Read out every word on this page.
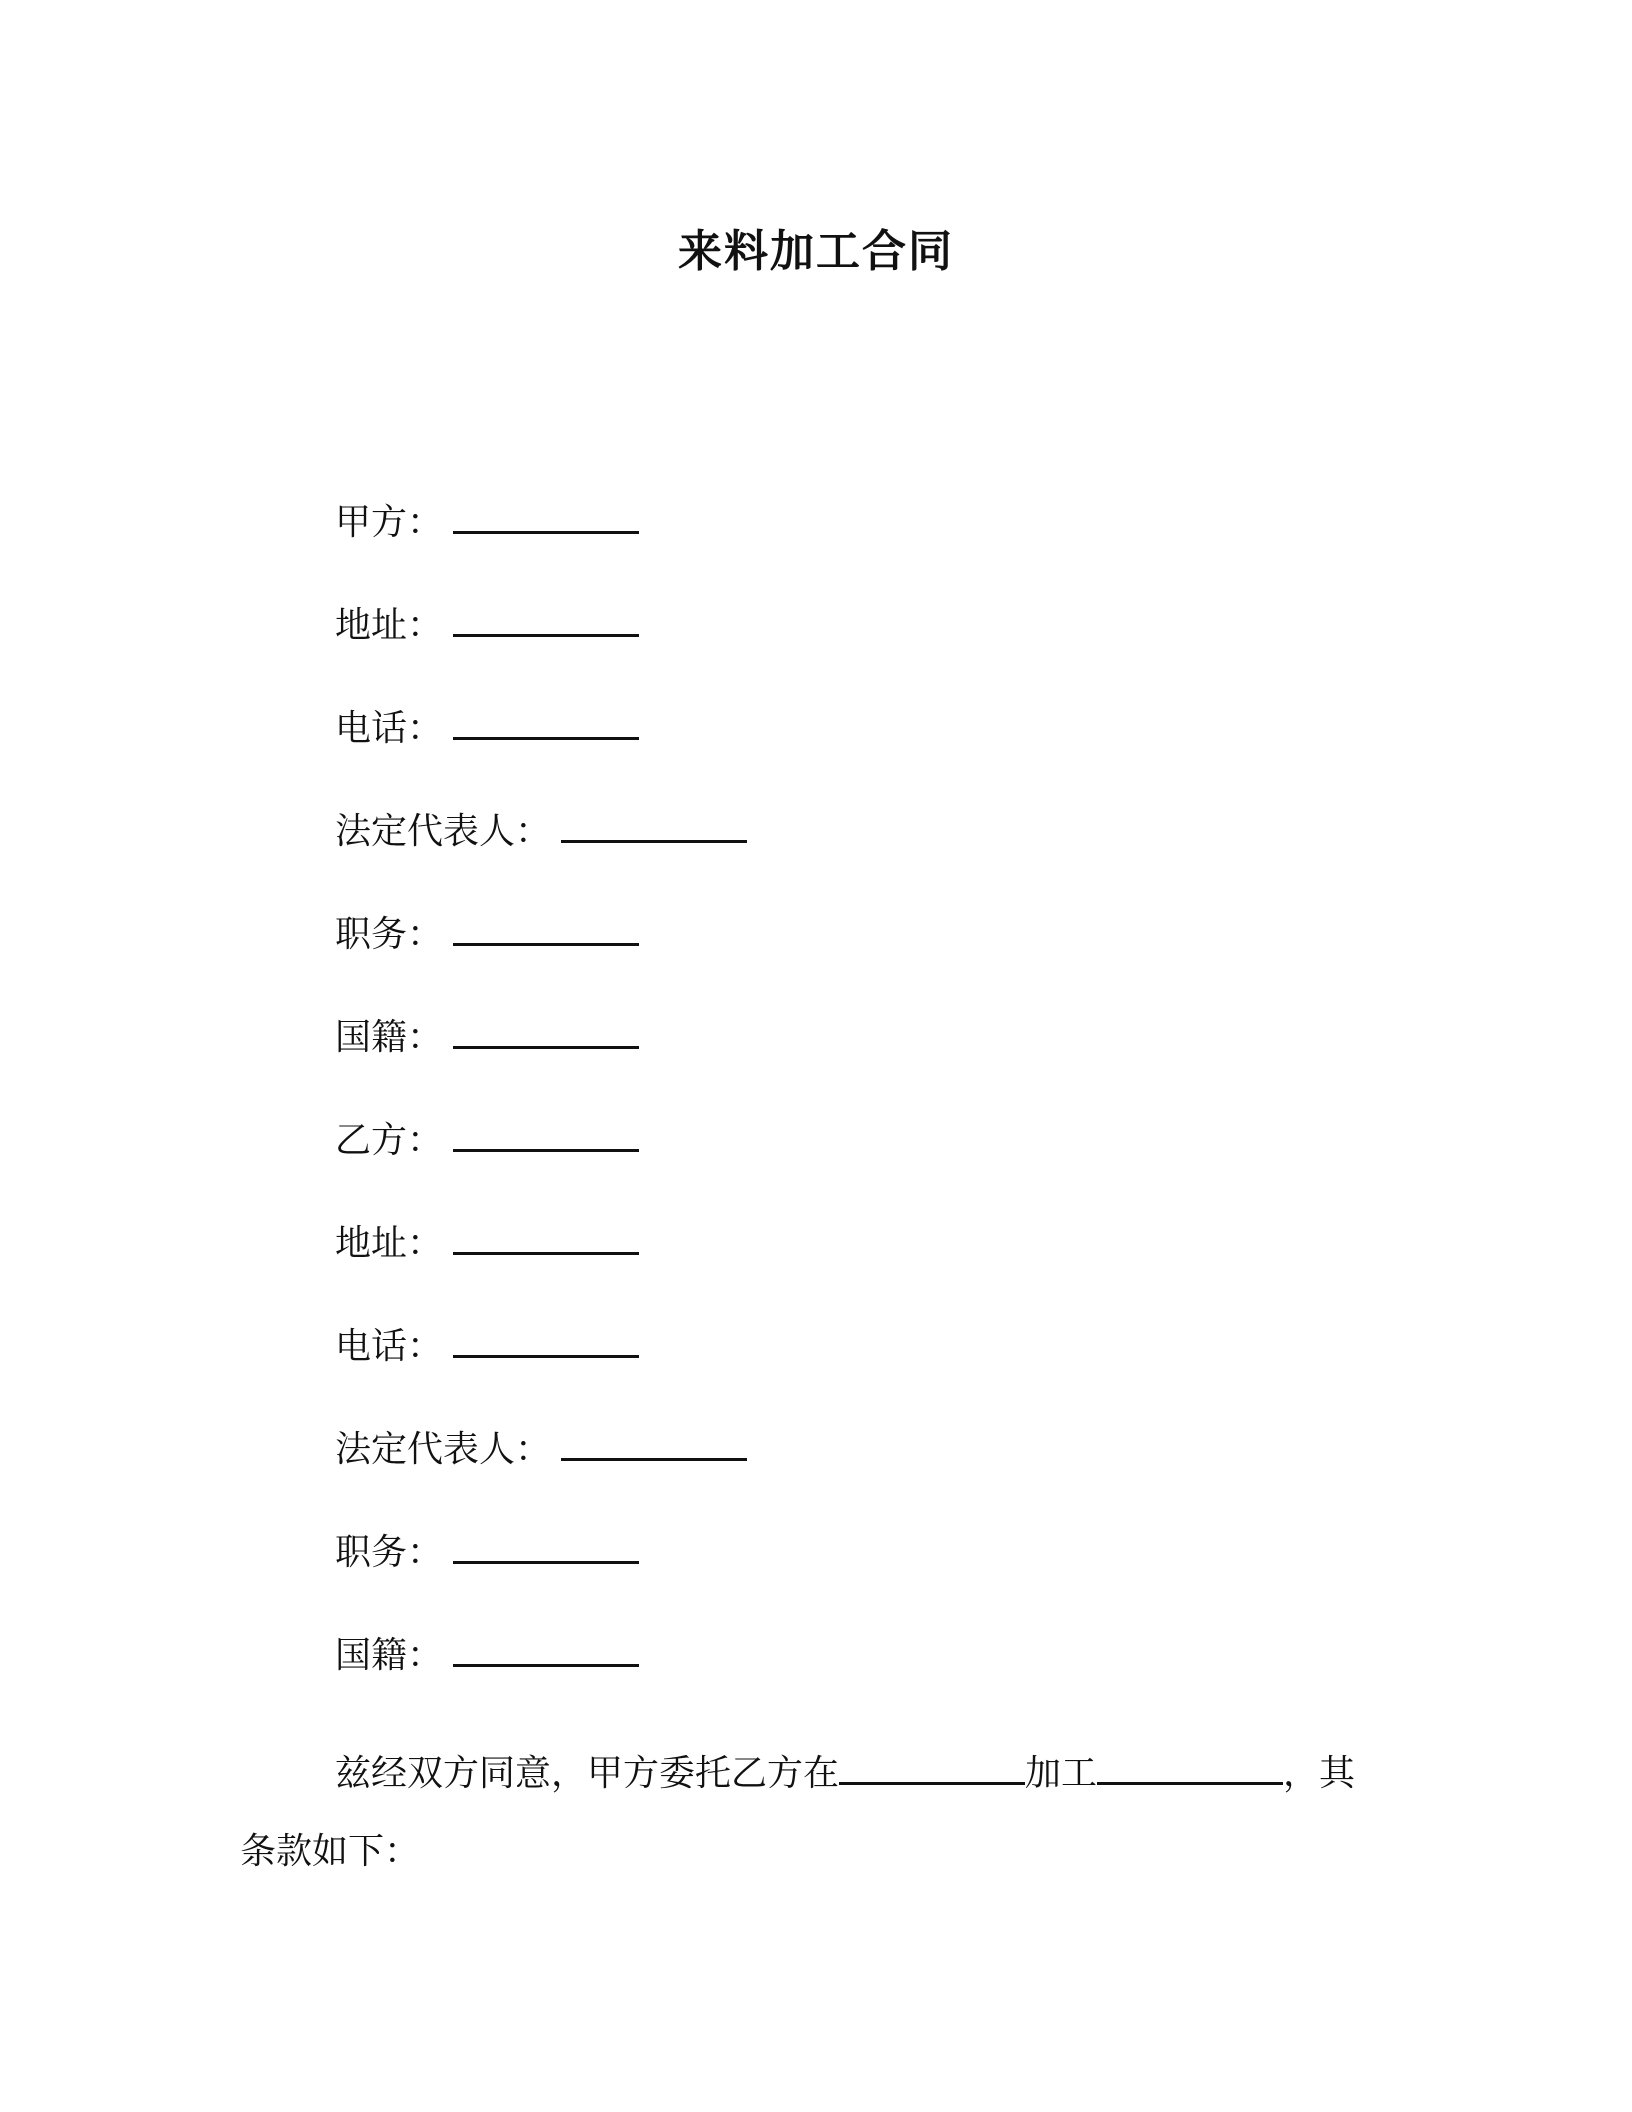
来料加工合同
甲方：
地址：
电话：
法定代表人：
职务：
国籍：
乙方：
地址：
电话：
法定代表人：
职务：
国籍：
兹经双方同意，甲方委托乙方在	加工	，其
条款如下：
